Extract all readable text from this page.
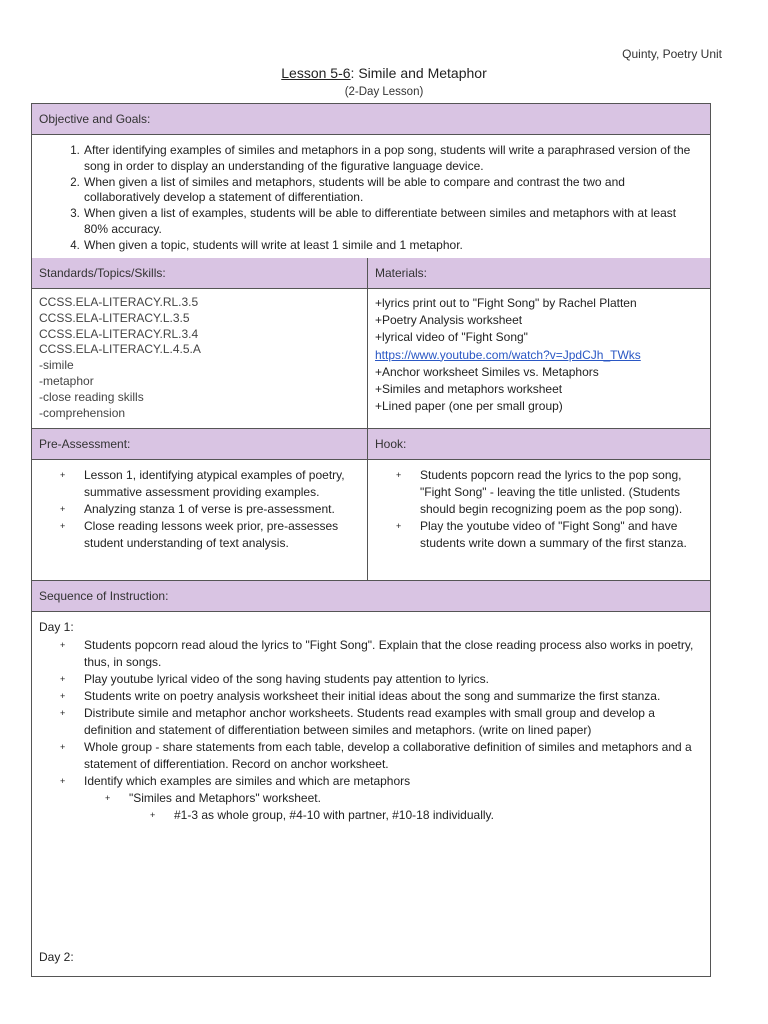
Quinty, Poetry Unit
Lesson 5-6: Simile and Metaphor
(2-Day Lesson)
Objective and Goals:
1. After identifying examples of similes and metaphors in a pop song, students will write a paraphrased version of the song in order to display an understanding of the figurative language device.
2. When given a list of similes and metaphors, students will be able to compare and contrast the two and collaboratively develop a statement of differentiation.
3. When given a list of examples, students will be able to differentiate between similes and metaphors with at least 80% accuracy.
4. When given a topic, students will write at least 1 simile and 1 metaphor.
Standards/Topics/Skills:
CCSS.ELA-LITERACY.RL.3.5
CCSS.ELA-LITERACY.L.3.5
CCSS.ELA-LITERACY.RL.3.4
CCSS.ELA-LITERACY.L.4.5.A
-simile
-metaphor
-close reading skills
-comprehension
Materials:
+lyrics print out to "Fight Song" by Rachel Platten
+Poetry Analysis worksheet
+lyrical video of "Fight Song"
https://www.youtube.com/watch?v=JpdCJh_TWks
+Anchor worksheet Similes vs. Metaphors
+Similes and metaphors worksheet
+Lined paper (one per small group)
Pre-Assessment:
+ Lesson 1, identifying atypical examples of poetry, summative assessment providing examples.
+ Analyzing stanza 1 of verse is pre-assessment.
+ Close reading lessons week prior, pre-assesses student understanding of text analysis.
Hook:
+ Students popcorn read the lyrics to the pop song, "Fight Song" - leaving the title unlisted. (Students should begin recognizing poem as the pop song).
+ Play the youtube video of "Fight Song" and have students write down a summary of the first stanza.
Sequence of Instruction:
Day 1:
+ Students popcorn read aloud the lyrics to "Fight Song". Explain that the close reading process also works in poetry, thus, in songs.
+ Play youtube lyrical video of the song having students pay attention to lyrics.
+ Students write on poetry analysis worksheet their initial ideas about the song and summarize the first stanza.
+ Distribute simile and metaphor anchor worksheets. Students read examples with small group and develop a definition and statement of differentiation between similes and metaphors. (write on lined paper)
+ Whole group - share statements from each table, develop a collaborative definition of similes and metaphors and a statement of differentiation. Record on anchor worksheet.
+ Identify which examples are similes and which are metaphors
+ "Similes and Metaphors" worksheet.
+ #1-3 as whole group, #4-10 with partner, #10-18 individually.
Day 2:
